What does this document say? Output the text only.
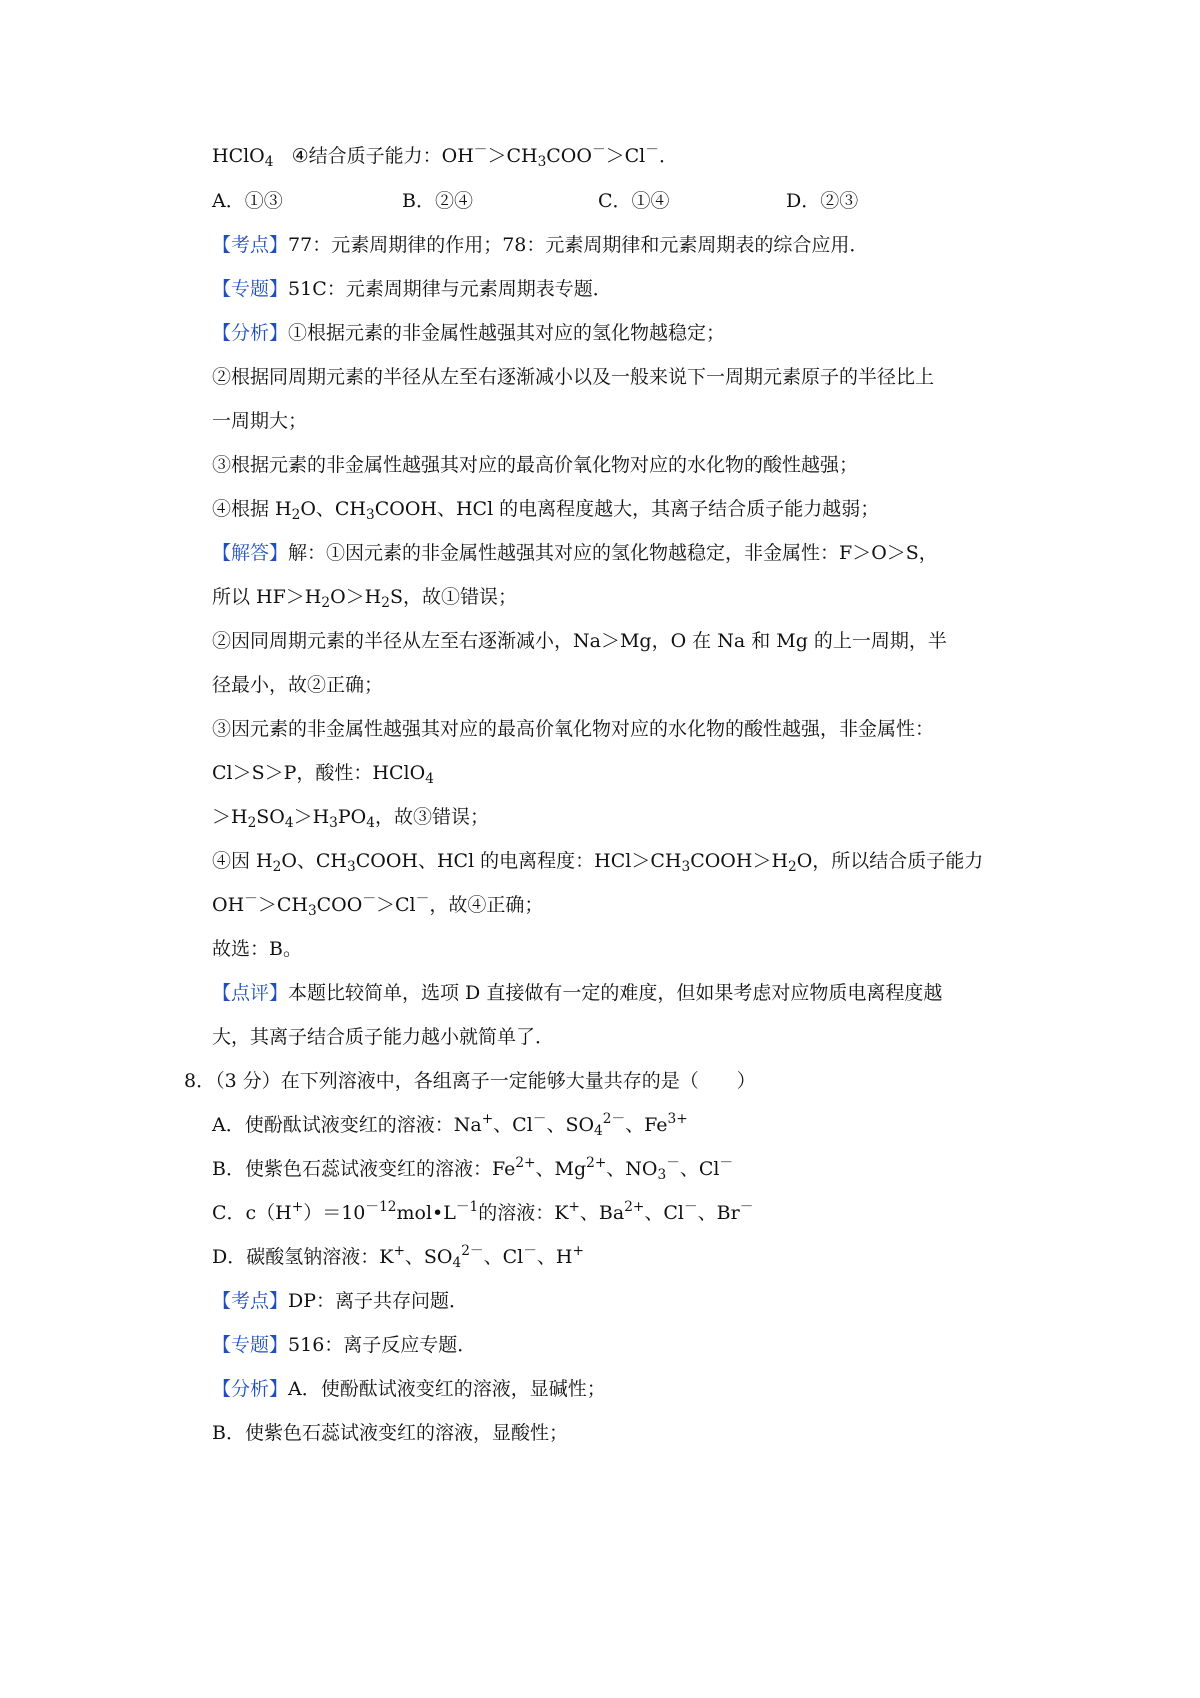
HClO$_4$ ④结合质子能力：$OH^->CH_3COO^->Cl^-$．
A．①③	B．②④	C．①④	D．②③
【考点】77：元素周期律的作用；78：元素周期律和元素周期表的综合应用．
【专题】51C：元素周期律与元素周期表专题．
【分析】①根据元素的非金属性越强其对应的氢化物越稳定；
②根据同周期元素的半径从左至右逐渐减小以及一般来说下一周期元素原子的半径比上
一周期大；
③根据元素的非金属性越强其对应的最高价氧化物对应的水化物的酸性越强；
④根据 $H_2O$、$CH_3COOH$、HCl 的电离程度越大，其离子结合质子能力越弱；
【解答】解：①因元素的非金属性越强其对应的氢化物越稳定，非金属性：F＞O＞S，
所以 $HF>H_2O>H_2S$，故①错误；
②因同周期元素的半径从左至右逐渐减小，Na＞Mg，O 在 Na 和 Mg 的上一周期，半
径最小，故②正确；
③因元素的非金属性越强其对应的最高价氧化物对应的水化物的酸性越强，非金属性：
Cl＞S＞P，酸性：HClO$_4$
$>H_2SO_4>H_3PO_4$，故③错误；
④因 $H_2O$、$CH_3COOH$、HCl 的电离程度：$HCl>CH_3COOH>H_2O$，所以结合质子能力
$OH^->CH_3COO^->Cl^-$，故④正确；
故选：B。
【点评】本题比较简单，选项 D 直接做有一定的难度，但如果考虑对应物质电离程度越
大，其离子结合质子能力越小就简单了．
8．（3 分）在下列溶液中，各组离子一定能够大量共存的是（　　）
A．使酚酞试液变红的溶液：Na+、Cl－、$SO_4^{2-}$、$Fe^{3+}$
B．使紫色石蕊试液变红的溶液：$Fe^{2+}$、$Mg^{2+}$、$NO_3^-$、Cl－
C．$c(H^+)=10^{-12}mol•L^{-1}$的溶液：K+、$Ba^{2+}$、Cl－、Br－
D．碳酸氢钠溶液：K+、$SO_4^{2-}$、Cl－、H+
【考点】DP：离子共存问题．
【专题】516：离子反应专题．
【分析】A．使酚酞试液变红的溶液，显碱性；
B．使紫色石蕊试液变红的溶液，显酸性；
